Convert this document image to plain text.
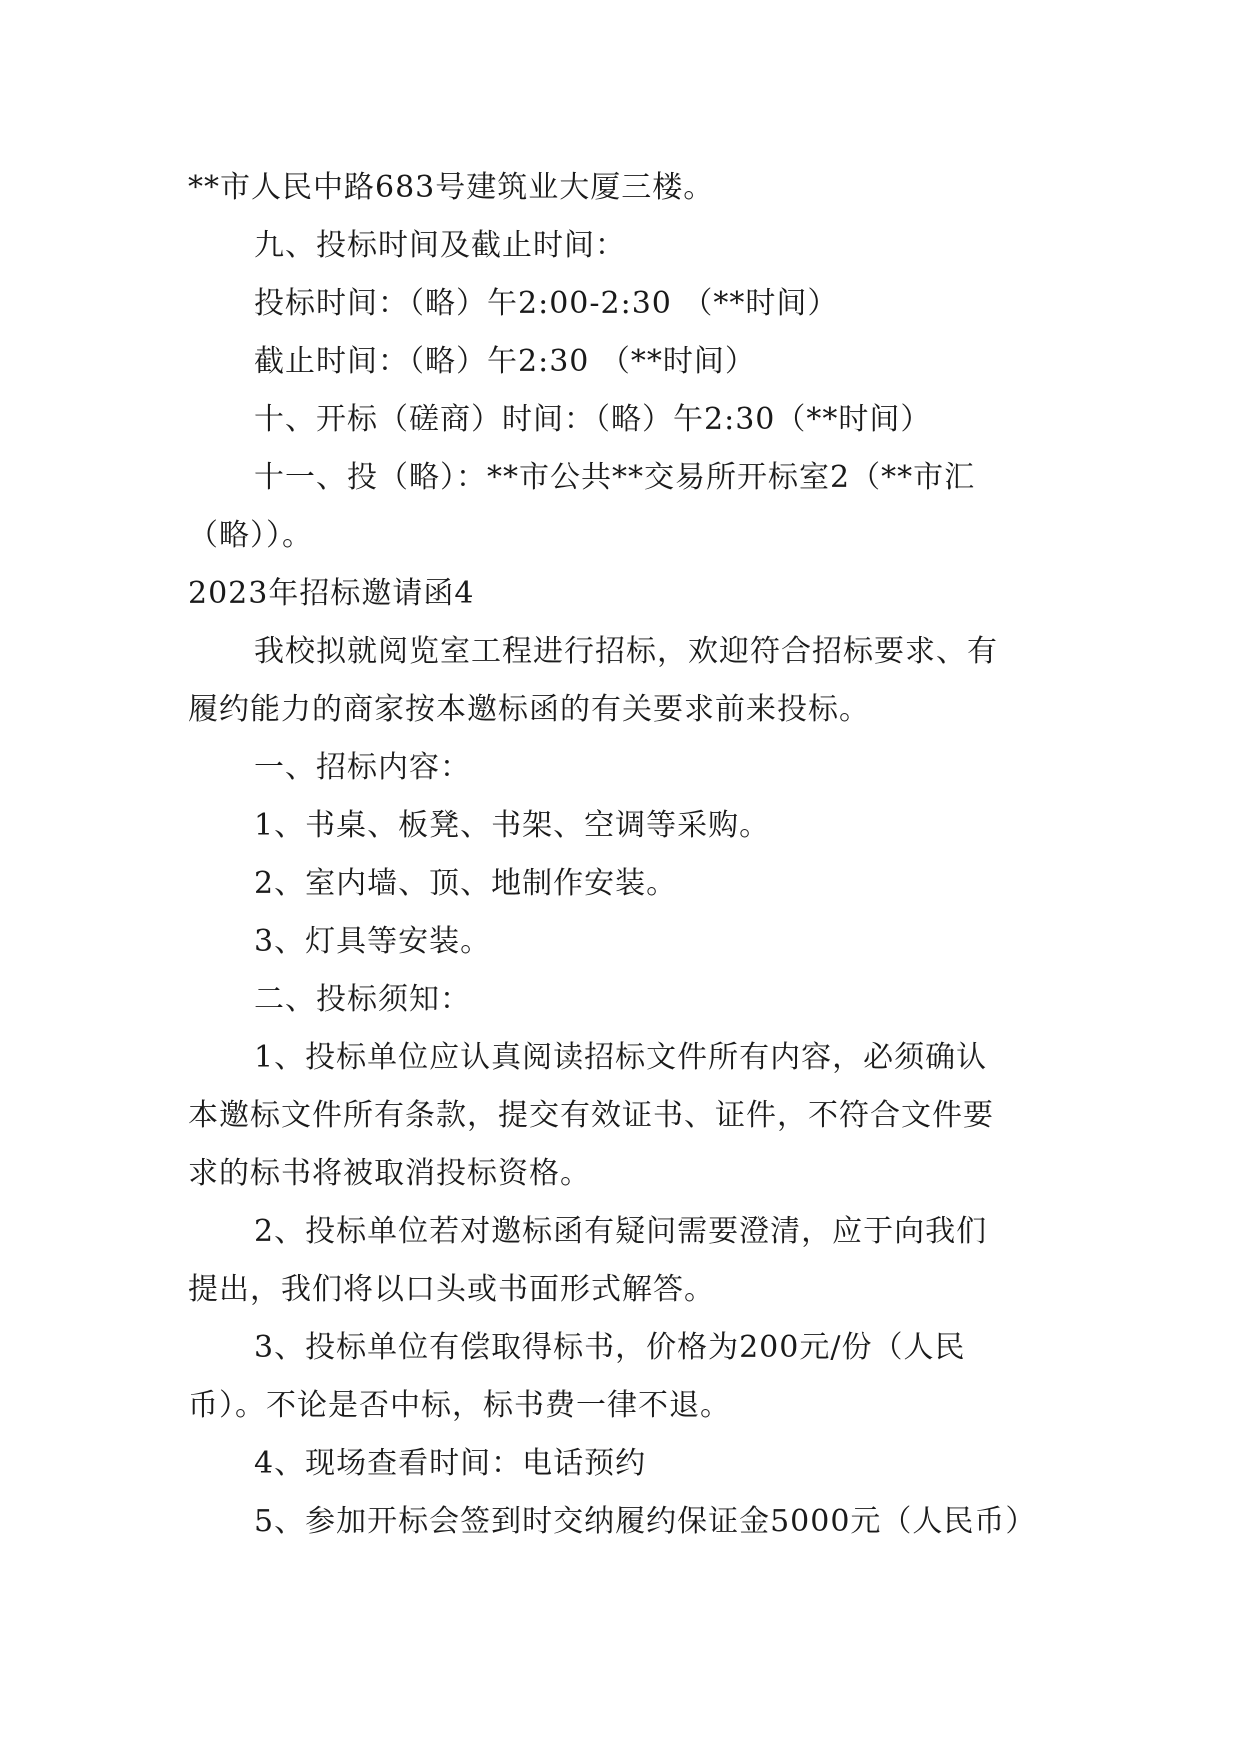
**市人民中路683号建筑业大厦三楼。
九、投标时间及截止时间：
投标时间：（略）午2:00-2:30 （**时间）
截止时间：（略）午2:30 （**时间）
十、开标（磋商）时间：（略）午2:30（**时间）
十一、投（略）：**市公共**交易所开标室2（**市汇
（略））。
2023年招标邀请函4
我校拟就阅览室工程进行招标，欢迎符合招标要求、有
履约能力的商家按本邀标函的有关要求前来投标。
一、招标内容：
1、书桌、板凳、书架、空调等采购。
2、室内墙、顶、地制作安装。
3、灯具等安装。
二、投标须知：
1、投标单位应认真阅读招标文件所有内容，必须确认
本邀标文件所有条款，提交有效证书、证件，不符合文件要
求的标书将被取消投标资格。
2、投标单位若对邀标函有疑问需要澄清，应于向我们
提出，我们将以口头或书面形式解答。
3、投标单位有偿取得标书，价格为200元/份（人民
币）。不论是否中标，标书费一律不退。
4、现场查看时间：电话预约
5、参加开标会签到时交纳履约保证金5000元（人民币）
